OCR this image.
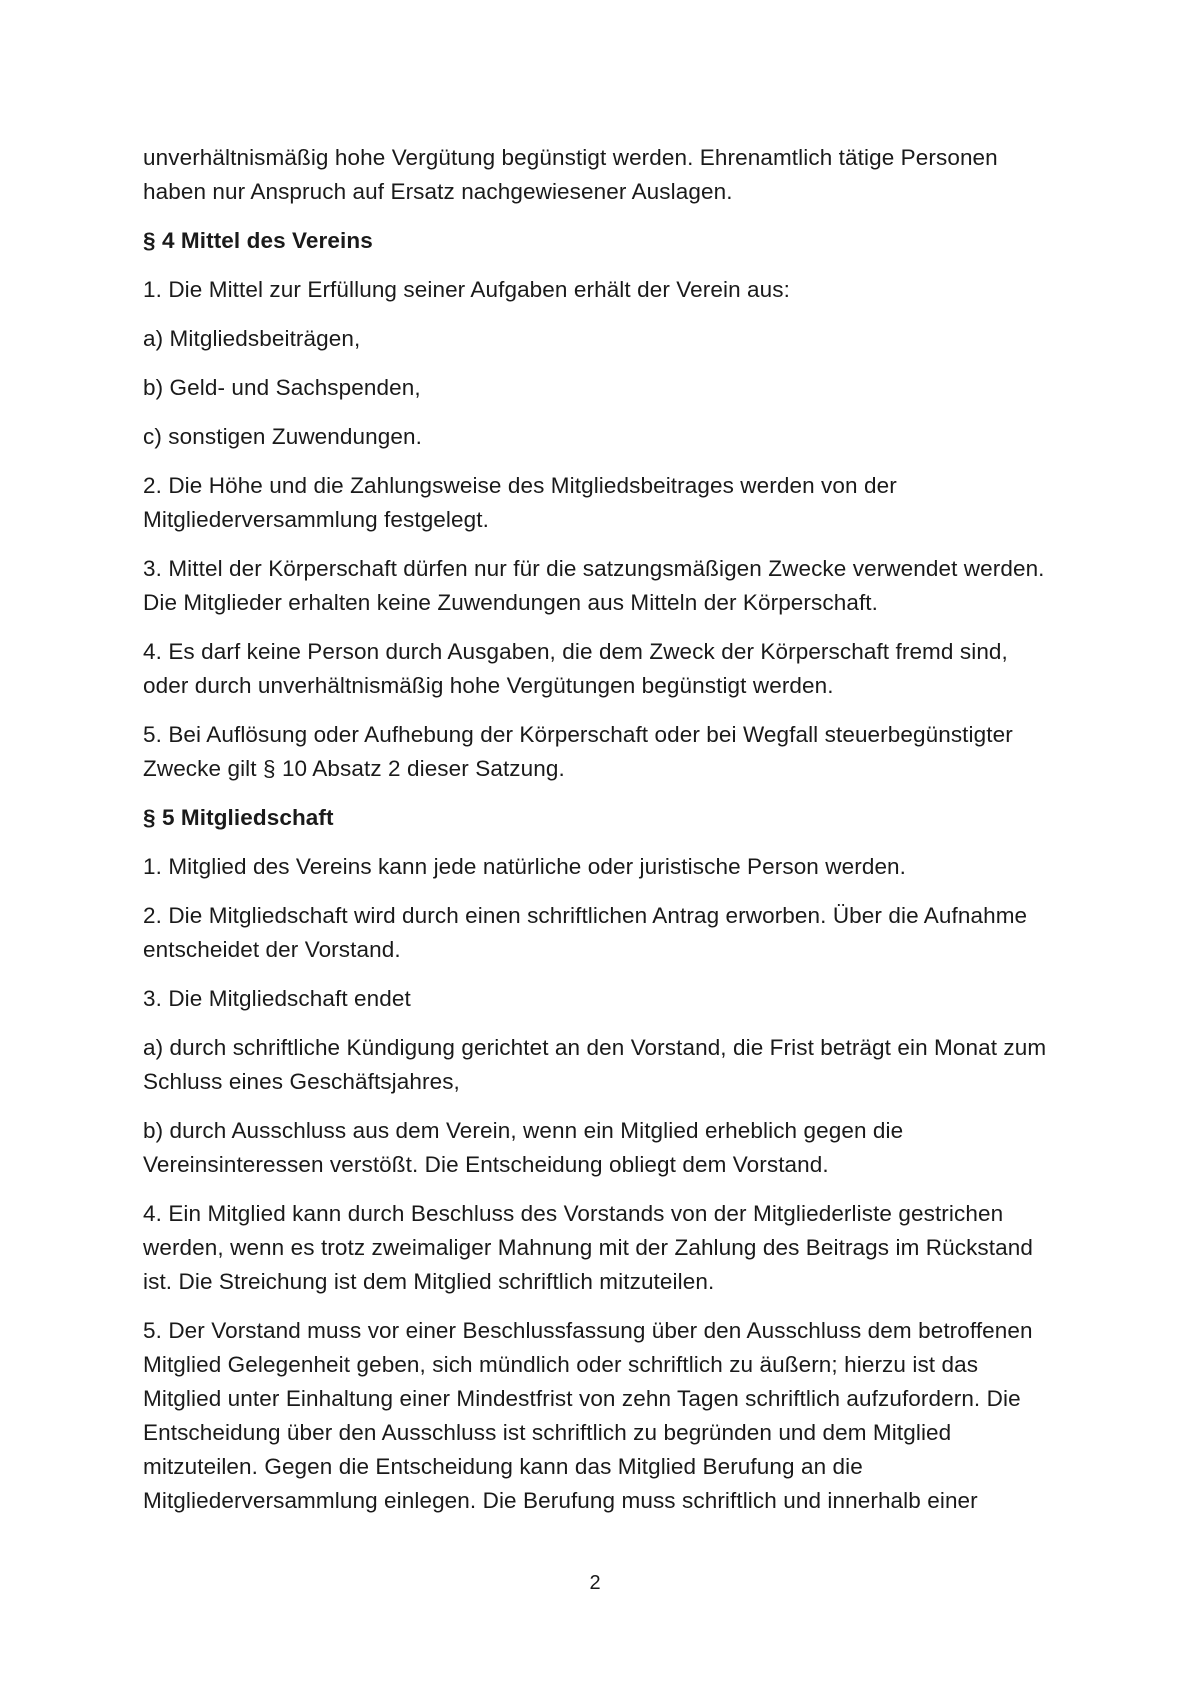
unverhältnismäßig hohe Vergütung begünstigt werden. Ehrenamtlich tätige Personen haben nur Anspruch auf Ersatz nachgewiesener Auslagen.

§ 4 Mittel des Vereins

1. Die Mittel zur Erfüllung seiner Aufgaben erhält der Verein aus:

a) Mitgliedsbeiträgen,

b) Geld- und Sachspenden,

c) sonstigen Zuwendungen.

2. Die Höhe und die Zahlungsweise des Mitgliedsbeitrages werden von der Mitgliederversammlung festgelegt.

3. Mittel der Körperschaft dürfen nur für die satzungsmäßigen Zwecke verwendet werden. Die Mitglieder erhalten keine Zuwendungen aus Mitteln der Körperschaft.

4. Es darf keine Person durch Ausgaben, die dem Zweck der Körperschaft fremd sind, oder durch unverhältnismäßig hohe Vergütungen begünstigt werden.

5. Bei Auflösung oder Aufhebung der Körperschaft oder bei Wegfall steuerbegünstigter Zwecke gilt § 10 Absatz 2 dieser Satzung.

§ 5 Mitgliedschaft

1. Mitglied des Vereins kann jede natürliche oder juristische Person werden.

2. Die Mitgliedschaft wird durch einen schriftlichen Antrag erworben. Über die Aufnahme entscheidet der Vorstand.

3. Die Mitgliedschaft endet

a) durch schriftliche Kündigung gerichtet an den Vorstand, die Frist beträgt ein Monat zum Schluss eines Geschäftsjahres,

b) durch Ausschluss aus dem Verein, wenn ein Mitglied erheblich gegen die Vereinsinteressen verstößt. Die Entscheidung obliegt dem Vorstand.

4. Ein Mitglied kann durch Beschluss des Vorstands von der Mitgliederliste gestrichen werden, wenn es trotz zweimaliger Mahnung mit der Zahlung des Beitrags im Rückstand ist. Die Streichung ist dem Mitglied schriftlich mitzuteilen.

5. Der Vorstand muss vor einer Beschlussfassung über den Ausschluss dem betroffenen Mitglied Gelegenheit geben, sich mündlich oder schriftlich zu äußern; hierzu ist das Mitglied unter Einhaltung einer Mindestfrist von zehn Tagen schriftlich aufzufordern. Die Entscheidung über den Ausschluss ist schriftlich zu begründen und dem Mitglied mitzuteilen. Gegen die Entscheidung kann das Mitglied Berufung an die Mitgliederversammlung einlegen. Die Berufung muss schriftlich und innerhalb einer

2
